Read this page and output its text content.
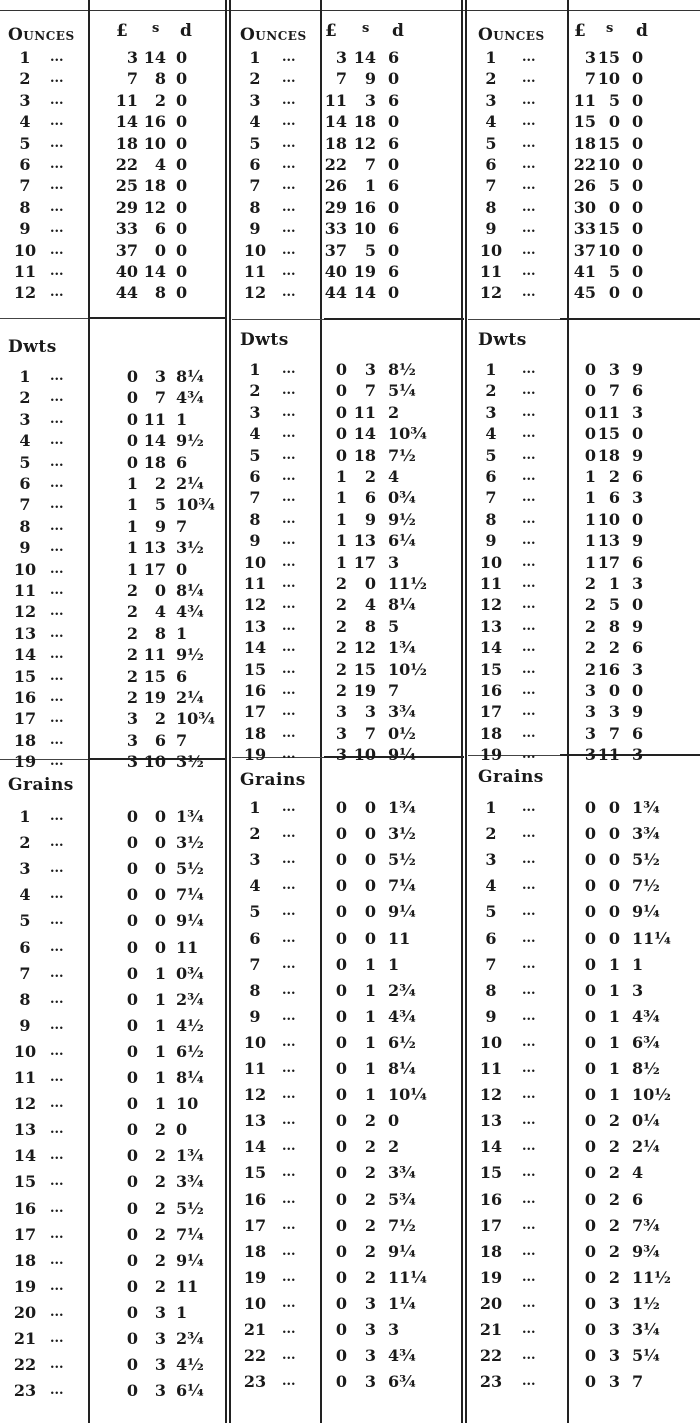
Ounces £ s d
1	...	3 14 0
2	...	7	8 0
3	...	11	2 0
4	...	14 16 0
5	...	18 10 0
6	...	22	4 0
7	...	25 18 0
8	...	29 12 0
9	...	33	6 0
10 ...	37	0 0
11 ...	40 14 0
12 ...	44	8 0
Dwts
1	...	0	3 8¼
2	...	0	7 4¾
3	...	0 11 1
4	...	0 14 9½
5	...	0 18 6
6	...	1	2 2¼
7	...	1	5 10¾
8	...	1	9 7
9	...	1 13 3½
10 ...	1 17 0
11 ...	2	0 8¼
12 ...	2	4 4¾
13 ...	2	8 1
14 ...	2 11 9½
15 ...	2 15 6
16 ...	2 19 2¼
17 ...	3	2 10¾
18 ...	3	6 7
19 ...	3 10 3½
Grains
1	...	0	0 1¾
2	...	0	0 3½
3	...	0	0 5½
4	...	0	0 7¼
5	...	0	0 9¼
6	...	0	0 11
7	...	0	1 0¾
8	...	0	1 2¾
9	...	0	1 4½
10 ...	0	1 6½
11 ...	0	1 8¼
12 ...	0	1 10
13 ...	0	2 0
14 ...	0	2 1¾
15 ...	0	2 3¾
16 ...	0	2 5½
17 ...	0	2 7¼
18 ...	0	2 9¼
19 ...	0	2 11
20 ...	0	3 1
21 ...	0	3 2¾
22 ...	0	3 4½
23 ...	0	3 6¼
Ounces £ s d
1	...	3 14 6
2	...	7	9 0
3	... 11	3 6
4	... 14 18 0
5	... 18 12 6
6	... 22	7 0
7	... 26	1 6
8	... 29 16 0
9	... 33 10 6
10 ... 37	5 0
11 ... 40 19 6
12 ... 44 14 0
Dwts
1	...	0	3 8½
2	...	0	7 5¼
3	...	0 11 2
4	...	0 14 10¾
5	...	0 18 7½
6	...	1	2 4
7	...	1	6 0¾
8	...	1	9 9½
9	...	1 13 6¼
10 ...	1 17 3
11 ...	2	0 11½
12 ...	2	4 8¼
13 ...	2	8 5
14 ...	2 12 1¾
15 ...	2 15 10½
16 ...	2 19 7
17 ...	3	3 3¾
18 ...	3	7 0½
19 ...	3 10 9¼
Grains
1	...	0	0 1¾
2	...	0	0 3½
3	...	0	0 5½
4	...	0	0 7¼
5	...	0	0 9¼
6	...	0	0 11
7	...	0	1 1
8	...	0	1 2¾
9	...	0	1 4¾
10 ...	0	1 6½
11 ...	0	1 8¼
12 ...	0	1 10¼
13 ...	0	2 0
14 ...	0	2 2
15 ...	0	2 3¾
16 ...	0	2 5¾
17 ...	0	2 7½
18 ...	0	2 9¼
19 ...	0	2 11¼
10 ...	0	3 1¼
21 ...	0	3 3
22 ...	0	3 4¾
23 ...	0	3 6¾
Ounces £ s d
1	...	3 15 0
2	...	7 10 0
3	... 11 5 0
4	... 15 0 0
5	... 18 15 0
6	... 22 10 0
7	... 26 5 0
8	... 30 0 0
9	... 33 15 0
10 ... 37 10 0
11 ... 41 5 0
12 ... 45 0 0
Dwts
1	...	0 3 9
2	...	0 7 6
3	...	0 11 3
4	...	0 15 0
5	...	0 18 9
6	...	1 2 6
7	...	1 6 3
8	...	1 10 0
9	...	1 13 9
10 ...	1 17 6
11 ...	2 1 3
12 ...	2 5 0
13 ...	2 8 9
14 ...	2 2 6
15 ...	2 16 3
16 ...	3 0 0
17 ...	3 3 9
18 ...	3 7 6
19 ...	3 11 3
Grains
1	...	0 0 1¾
2	...	0 0 3¾
3	...	0 0 5½
4	...	0 0 7½
5	...	0 0 9¼
6	...	0 0 11¼
7	...	0 1 1
8	...	0 1 3
9	...	0 1 4¾
10 ...	0 1 6¾
11 ...	0 1 8½
12 ...	0 1 10½
13 ...	0 2 0¼
14 ...	0 2 2¼
15 ...	0 2 4
16 ...	0 2 6
17 ...	0 2 7¾
18 ...	0 2 9¾
19 ...	0 2 11½
20 ...	0 3 1½
21 ...	0 3 3¼
22 ...	0 3 5¼
23 ...	0 3 7
